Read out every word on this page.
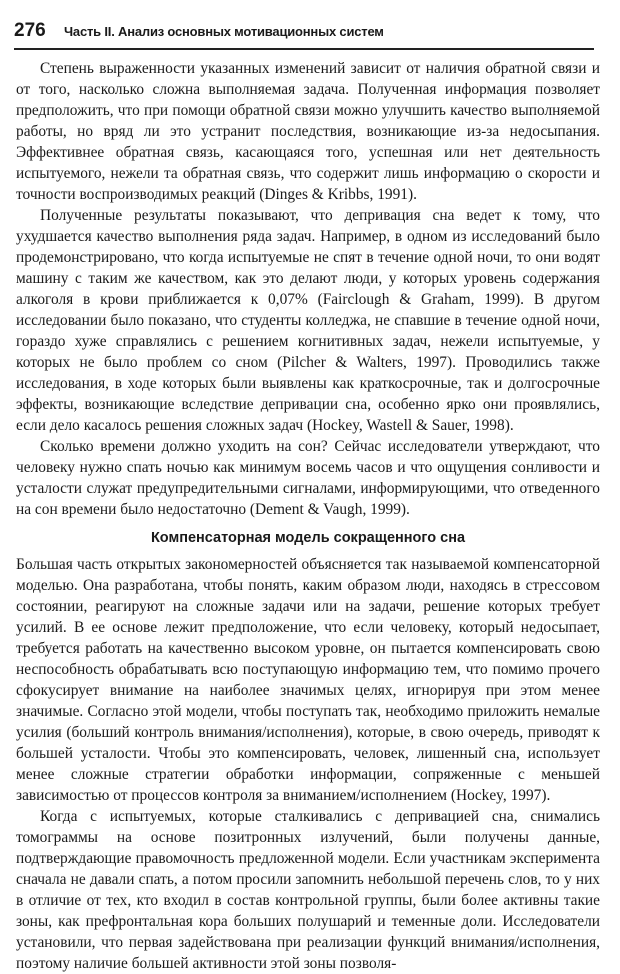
276 Часть II. Анализ основных мотивационных систем

Степень выраженности указанных изменений зависит от наличия обратной связи и от того, насколько сложна выполняемая задача. Полученная информация позволяет предположить, что при помощи обратной связи можно улучшить качество выполняемой работы, но вряд ли это устранит последствия, возникающие из-за недосыпания. Эффективнее обратная связь, касающаяся того, успешная или нет деятельность испытуемого, нежели та обратная связь, что содержит лишь информацию о скорости и точности воспроизводимых реакций (Dinges & Kribbs, 1991).

Полученные результаты показывают, что депривация сна ведет к тому, что ухудшается качество выполнения ряда задач. Например, в одном из исследований было продемонстрировано, что когда испытуемые не спят в течение одной ночи, то они водят машину с таким же качеством, как это делают люди, у которых уровень содержания алкоголя в крови приближается к 0,07% (Fairclough & Graham, 1999). В другом исследовании было показано, что студенты колледжа, не спавшие в течение одной ночи, гораздо хуже справлялись с решением когнитивных задач, нежели испытуемые, у которых не было проблем со сном (Pilcher & Walters, 1997). Проводились также исследования, в ходе которых были выявлены как краткосрочные, так и долгосрочные эффекты, возникающие вследствие депривации сна, особенно ярко они проявлялись, если дело касалось решения сложных задач (Hockey, Wastell & Sauer, 1998).

Сколько времени должно уходить на сон? Сейчас исследователи утверждают, что человеку нужно спать ночью как минимум восемь часов и что ощущения сонливости и усталости служат предупредительными сигналами, информирующими, что отведенного на сон времени было недостаточно (Dement & Vaugh, 1999).

Компенсаторная модель сокращенного сна

Большая часть открытых закономерностей объясняется так называемой компенсаторной моделью. Она разработана, чтобы понять, каким образом люди, находясь в стрессовом состоянии, реагируют на сложные задачи или на задачи, решение которых требует усилий. В ее основе лежит предположение, что если человеку, который недосыпает, требуется работать на качественно высоком уровне, он пытается компенсировать свою неспособность обрабатывать всю поступающую информацию тем, что помимо прочего сфокусирует внимание на наиболее значимых целях, игнорируя при этом менее значимые. Согласно этой модели, чтобы поступать так, необходимо приложить немалые усилия (больший контроль внимания/исполнения), которые, в свою очередь, приводят к большей усталости. Чтобы это компенсировать, человек, лишенный сна, использует менее сложные стратегии обработки информации, сопряженные с меньшей зависимостью от процессов контроля за вниманием/исполнением (Hockey, 1997).

Когда с испытуемых, которые сталкивались с депривацией сна, снимались томограммы на основе позитронных излучений, были получены данные, подтверждающие правомочность предложенной модели. Если участникам эксперимента сначала не давали спать, а потом просили запомнить небольшой перечень слов, то у них в отличие от тех, кто входил в состав контрольной группы, были более активны такие зоны, как префронтальная кора больших полушарий и теменные доли. Исследователи установили, что первая задействована при реализации функций внимания/исполнения, поэтому наличие большей активности этой зоны позволя-
